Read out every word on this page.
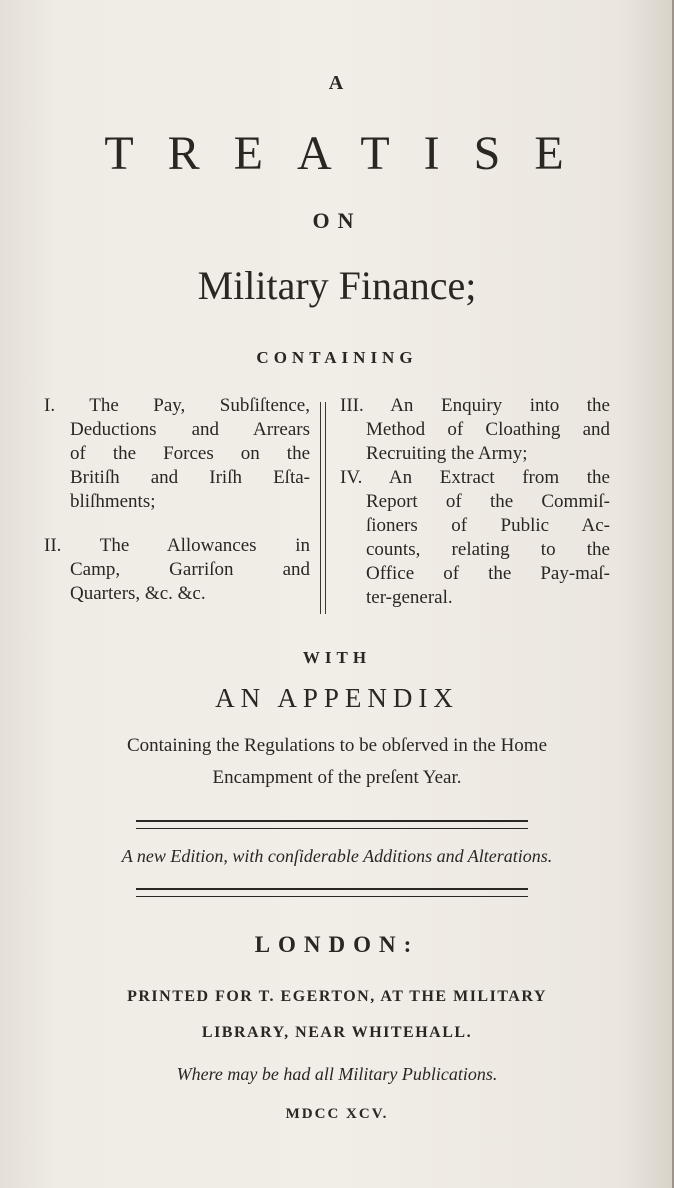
A
TREATISE
ON
Military Finance;
CONTAINING
I. The Pay, Subſiſtence,
Deductions and Arrears
of the Forces on the
Britiſh and Iriſh Eſta-
bliſhments;
II. The Allowances in
Camp, Garriſon and
Quarters, &c. &c.
III. An Enquiry into the
Method of Cloathing and
Recruiting the Army;
IV. An Extract from the
Report of the Commiſ-
ſioners of Public Ac-
counts, relating to the
Office of the Pay-maſ-
ter-general.
WITH
AN APPENDIX
Containing the Regulations to be obſerved in the Home
Encampment of the preſent Year.
A new Edition, with conſiderable Additions and Alterations.
LONDON:
PRINTED FOR T. EGERTON, AT THE MILITARY
LIBRARY, NEAR WHITEHALL.
Where may be had all Military Publications.
MDCC XCV.
